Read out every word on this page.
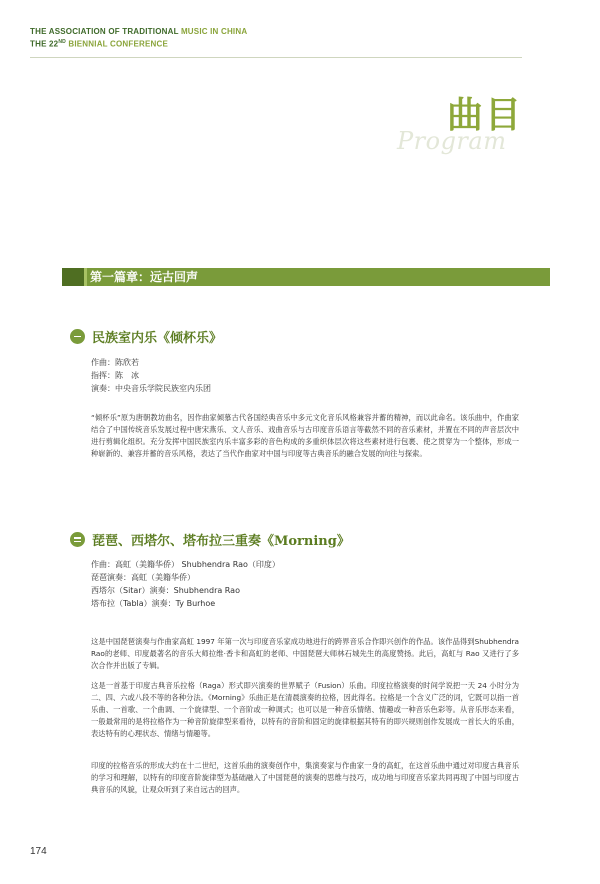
THE ASSOCIATION OF TRADITIONAL MUSIC IN CHINA
THE 22ND BIENNIAL CONFERENCE
Program
曲目
第一篇章：远古回声
民族室内乐《倾杯乐》
作曲：陈欣若
指挥：陈　冰
演奏：中央音乐学院民族室内乐团
“倾杯乐”原为唐朝教坊曲名，因作曲家倾慕古代各国经典音乐中多元文化音乐风格兼容并蓄的精神，而以此命名。该乐曲中，作曲家结合了中国传统音乐发展过程中唐宋燕乐、文人音乐、戏曲音乐与古印度音乐语言等截然不同的音乐素材，并置在不同的声音层次中进行剪辑化组织。充分发挥中国民族室内乐丰富多彩的音色构成的多重织体层次将这些素材进行包裹、使之贯穿为一个整体，形成一种崭新的、兼容并蓄的音乐风格，表达了当代作曲家对中国与印度等古典音乐的融合发展的向往与探索。
琵琶、西塔尔、塔布拉三重奏《Morning》
作曲：高虹（美籍华侨） Shubhendra Rao（印度）
琵琶演奏：高虹（美籍华侨）
西塔尔（Sitar）演奏：Shubhendra Rao
塔布拉（Tabla）演奏：Ty Burhoe
这是中国琵琶演奏与作曲家高虹 1997 年第一次与印度音乐家成功地进行的跨界音乐合作即兴创作的作品。该作品得到Shubhendra Rao的老师、印度最著名的音乐大师拉维·香卡和高虹的老师、中国琵琶大师林石城先生的高度赞扬。此后，高虹与 Rao 又进行了多次合作并出版了专辑。
这是一首基于印度古典音乐拉格（Raga）形式即兴演奏的世界赋子（Fusion）乐曲。印度拉格演奏的时间学说把一天 24 小时分为二、四、六或八段不等的各种分法。《Morning》乐曲正是在清晨演奏的拉格，因此得名。拉格是一个含义广泛的词，它既可以指一首乐曲、一首歌、一个曲调、一个旋律型、一个音阶或一种调式；也可以是一种音乐情绪、情趣或一种音乐色彩等。从音乐形态来看，一般最常用的是将拉格作为一种音阶旋律型来看待，以特有的音阶和固定的旋律根据其特有的即兴规则创作发展成一首长大的乐曲，表达特有的心理状态、情绪与情趣等。
印度的拉格音乐的形成大约在十二世纪，这首乐曲的演奏创作中，集演奏家与作曲家一身的高虹，在这首乐曲中通过对印度古典音乐的学习和理解，以特有的印度音阶旋律型为基础融入了中国琵琶的演奏的思维与技巧，成功地与印度音乐家共同再现了中国与印度古典音乐的风貌，让观众听到了来自远古的回声。
174
